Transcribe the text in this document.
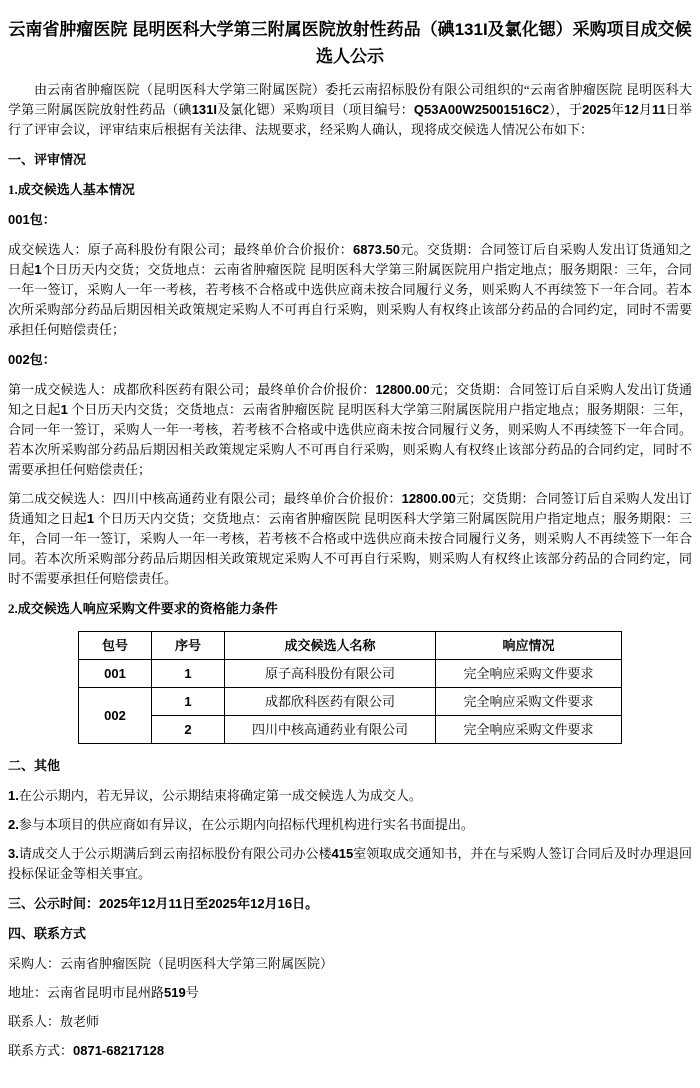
云南省肿瘤医院 昆明医科大学第三附属医院放射性药品（碘131I及氯化锶）采购项目成交候选人公示

由云南省肿瘤医院（昆明医科大学第三附属医院）委托云南招标股份有限公司组织的“云南省肿瘤医院 昆明医科大学第三附属医院放射性药品（碘131I及氯化锶）采购项目（项目编号：Q53A00W25001516C2），于2025年12月11日举行了评审会议，评审结束后根据有关法律、法规要求，经采购人确认，现将成交候选人情况公布如下：

一、评审情况
1.成交候选人基本情况
001包：

成交候选人：原子高科股份有限公司；最终单价合价报价：6873.50元。交货期：合同签订后自采购人发出订货通知之日起1个日历天内交货；交货地点：云南省肿瘤医院 昆明医科大学第三附属医院用户指定地点；服务期限：三年，合同一年一签订，采购人一年一考核，若考核不合格或中选供应商未按合同履行义务，则采购人不再续签下一年合同。若本次所采购部分药品后期因相关政策规定采购人不可再自行采购，则采购人有权终止该部分药品的合同约定，同时不需要承担任何赔偿责任；

002包：

第一成交候选人：成都欣科医药有限公司；最终单价合价报价：12800.00元；交货期：合同签订后自采购人发出订货通知之日起1 个日历天内交货；交货地点：云南省肿瘤医院 昆明医科大学第三附属医院用户指定地点；服务期限：三年，合同一年一签订，采购人一年一考核，若考核不合格或中选供应商未按合同履行义务，则采购人不再续签下一年合同。若本次所采购部分药品后期因相关政策规定采购人不可再自行采购，则采购人有权终止该部分药品的合同约定，同时不需要承担任何赔偿责任；

第二成交候选人：四川中核高通药业有限公司；最终单价合价报价：12800.00元；交货期：合同签订后自采购人发出订货通知之日起1 个日历天内交货；交货地点：云南省肿瘤医院 昆明医科大学第三附属医院用户指定地点；服务期限：三年，合同一年一签订，采购人一年一考核，若考核不合格或中选供应商未按合同履行义务，则采购人不再续签下一年合同。若本次所采购部分药品后期因相关政策规定采购人不可再自行采购，则采购人有权终止该部分药品的合同约定，同时不需要承担任何赔偿责任。

2.成交候选人响应采购文件要求的资格能力条件
包号	序号	成交候选人名称	响应情况
001	1	原子高科股份有限公司	完全响应采购文件要求
002	1	成都欣科医药有限公司	完全响应采购文件要求
	2	四川中核高通药业有限公司	完全响应采购文件要求
二、其他

1.在公示期内，若无异议，公示期结束将确定第一成交候选人为成交人。

2.参与本项目的供应商如有异议，在公示期内向招标代理机构进行实名书面提出。

3.请成交人于公示期满后到云南招标股份有限公司办公楼415室领取成交通知书，并在与采购人签订合同后及时办理退回投标保证金等相关事宜。

三、公示时间：2025年12月11日至2025年12月16日。
四、联系方式

采购人：云南省肿瘤医院（昆明医科大学第三附属医院）

地址：云南省昆明市昆州路519号

联系人：敖老师

联系方式：0871-68217128
